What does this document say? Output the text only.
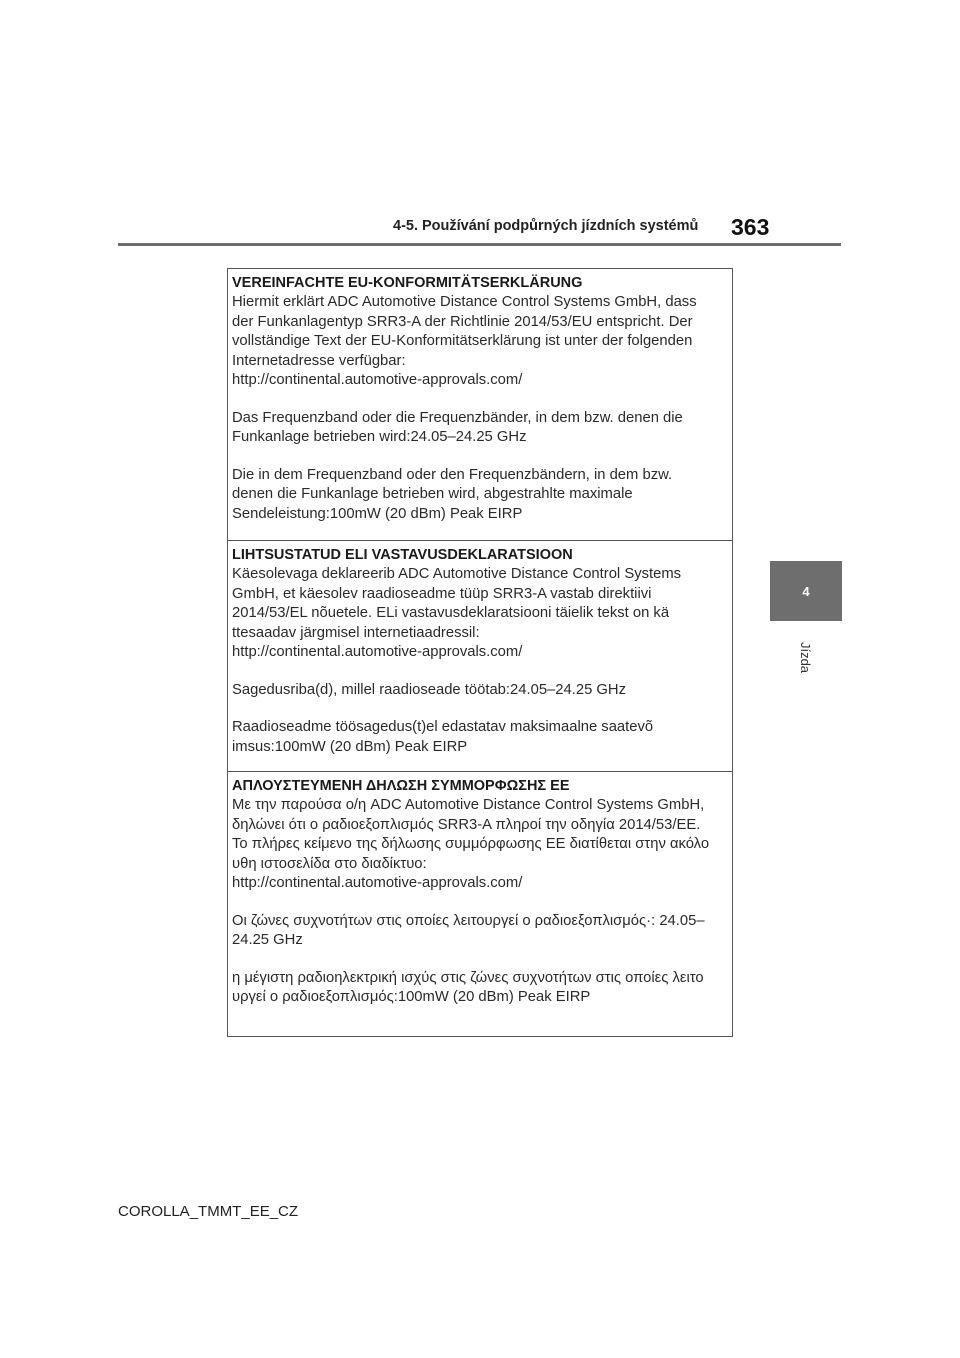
4-5. Používání podpůrných jízdních systémů 363
4
Jízda
VEREINFACHTE EU-KONFORMITÄTSERKLÄRUNG

Hiermit erklärt ADC Automotive Distance Control Systems GmbH, dass

der Funkanlagentyp SRR3-A der Richtlinie 2014/53/EU entspricht. Der

vollständige Text der EU-Konformitätserklärung ist unter der folgenden

Internetadresse verfügbar:

http://continental.automotive-approvals.com/

Das Frequenzband oder die Frequenzbänder, in dem bzw. denen die

Funkanlage betrieben wird:24.05–24.25 GHz

Die in dem Frequenzband oder den Frequenzbändern, in dem bzw.

denen die Funkanlage betrieben wird, abgestrahlte maximale

Sendeleistung:100mW (20 dBm) Peak EIRP

LIHTSUSTATUD ELI VASTAVUSDEKLARATSIOON

Käesolevaga deklareerib ADC Automotive Distance Control Systems

GmbH, et käesolev raadioseadme tüüp SRR3-A vastab direktiivi

2014/53/EL nõuetele. ELi vastavusdeklaratsiooni täielik tekst on kä

ttesaadav järgmisel internetiaadressil:

http://continental.automotive-approvals.com/

Sagedusriba(d), millel raadioseade töötab:24.05–24.25 GHz

Raadioseadme töösagedus(t)el edastatav maksimaalne saatevõ

imsus:100mW (20 dBm) Peak EIRP

ΑΠΛΟΥΣΤΕΥΜΕΝΗ ΔΗΛΩΣΗ ΣΥΜΜΟΡΦΩΣΗΣ ΕΕ

Με την παρούσα ο/η ADC Automotive Distance Control Systems GmbH,

δηλώνει ότι ο ραδιοεξοπλισμός SRR3-A πληροί την οδηγία 2014/53/ΕΕ.

Το πλήρες κείμενο της δήλωσης συμμόρφωσης ΕΕ διατίθεται στην ακόλο

υθη ιστοσελίδα στο διαδίκτυο:

http://continental.automotive-approvals.com/

Οι ζώνες συχνοτήτων στις οποίες λειτουργεί ο ραδιοεξοπλισμός·: 24.05–

24.25 GHz

η μέγιστη ραδιοηλεκτρική ισχύς στις ζώνες συχνοτήτων στις οποίες λειτο

υργεί ο ραδιοεξοπλισμός:100mW (20 dBm) Peak EIRP

COROLLA_TMMT_EE_CZ
